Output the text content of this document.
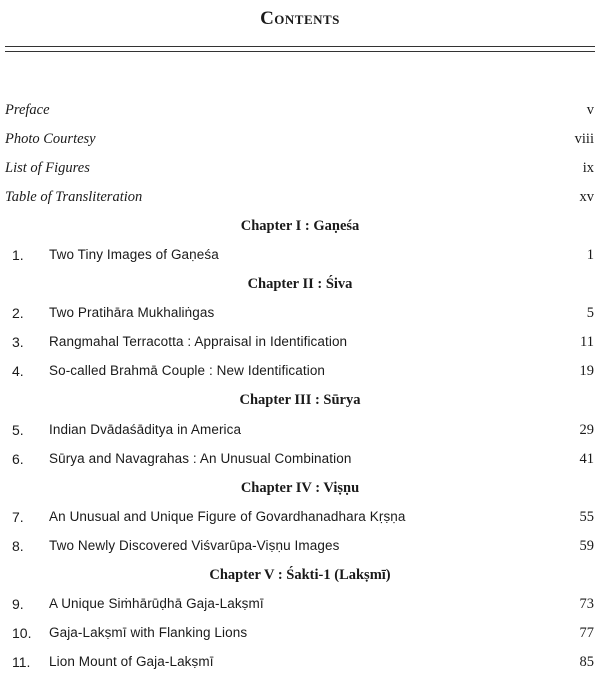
Contents
Preface	v
Photo Courtesy	viii
List of Figures	ix
Table of Transliteration	xv
Chapter I : Gaṇeśa
1. Two Tiny Images of Gaṇeśa	1
Chapter II : Śiva
2. Two Pratihāra Mukhaliṅgas	5
3. Rangmahal Terracotta : Appraisal in Identification	11
4. So-called Brahmā Couple : New Identification	19
Chapter III : Sūrya
5. Indian Dvādaśāditya in America	29
6. Sūrya and Navagrahas : An Unusual Combination	41
Chapter IV : Viṣṇu
7. An Unusual and Unique Figure of Govardhanadhara Kṛṣṇa	55
8. Two Newly Discovered Viśvarūpa-Viṣṇu Images	59
Chapter V : Śakti-1 (Lakṣmī)
9. A Unique Siṁhārūḍhā Gaja-Lakṣmī	73
10. Gaja-Lakṣmī with Flanking Lions	77
11. Lion Mount of Gaja-Lakṣmī	85
